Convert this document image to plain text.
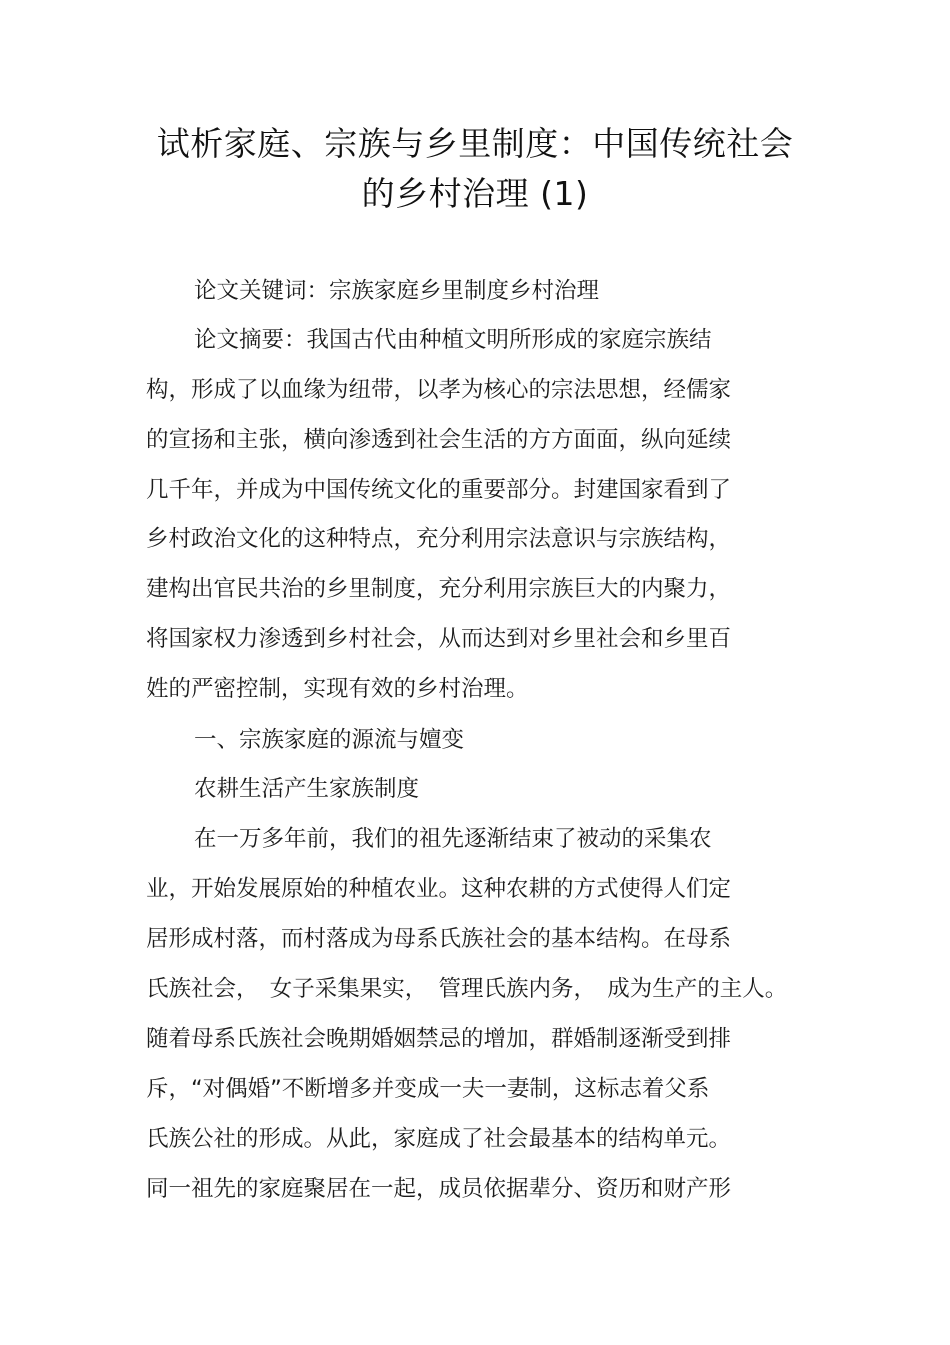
试析家庭、宗族与乡里制度：中国传统社会
的乡村治理 (1)
论文关键词：宗族家庭乡里制度乡村治理
论文摘要：我国古代由种植文明所形成的家庭宗族结
构，形成了以血缘为纽带，以孝为核心的宗法思想，经儒家
的宣扬和主张，横向渗透到社会生活的方方面面，纵向延续
几千年，并成为中国传统文化的重要部分。封建国家看到了
乡村政治文化的这种特点，充分利用宗法意识与宗族结构，
建构出官民共治的乡里制度，充分利用宗族巨大的内聚力，
将国家权力渗透到乡村社会，从而达到对乡里社会和乡里百
姓的严密控制，实现有效的乡村治理。
一、宗族家庭的源流与嬗变
农耕生活产生家族制度
在一万多年前，我们的祖先逐渐结束了被动的采集农
业，开始发展原始的种植农业。这种农耕的方式使得人们定
居形成村落，而村落成为母系氏族社会的基本结构。在母系
氏族社会，　女子采集果实，　管理氏族内务，　成为生产的主人。
随着母系氏族社会晚期婚姻禁忌的增加，群婚制逐渐受到排
斥，“对偶婚”不断增多并变成一夫一妻制，这标志着父系
氏族公社的形成。从此，家庭成了社会最基本的结构单元。
同一祖先的家庭聚居在一起，成员依据辈分、资历和财产形
